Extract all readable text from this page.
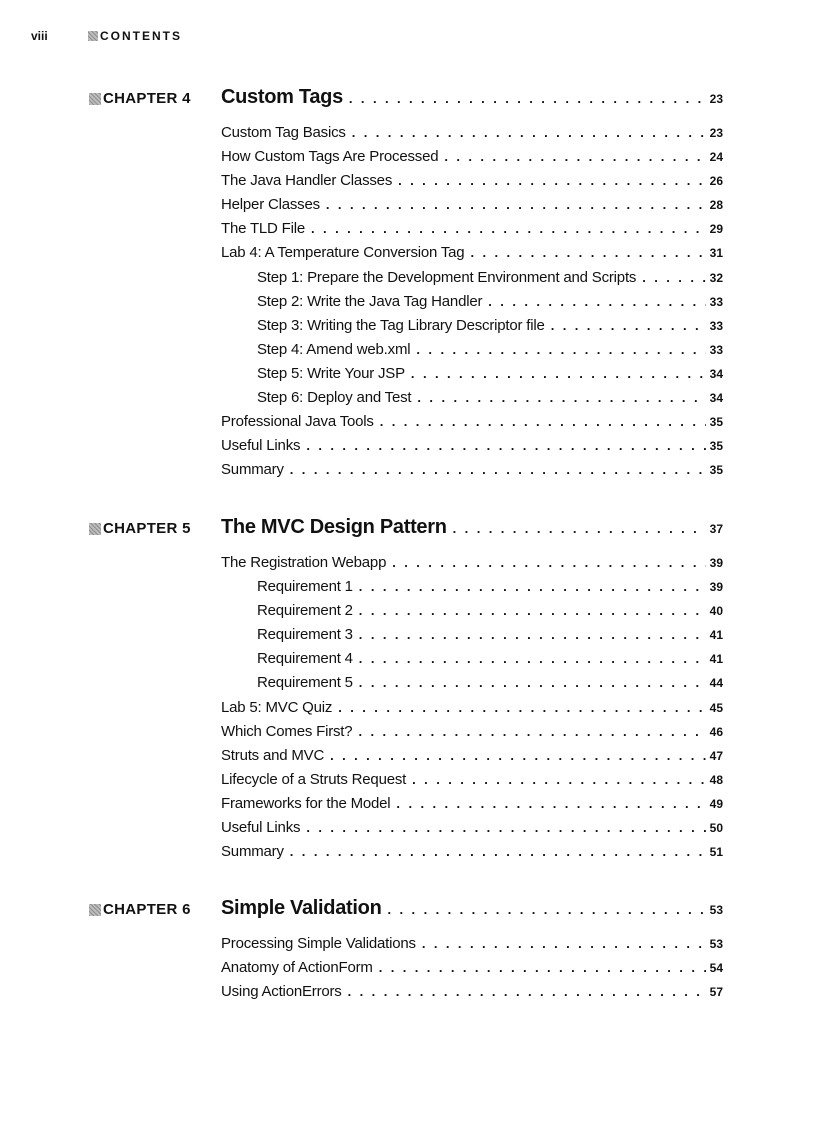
viii	CONTENTS
CHAPTER 4 Custom Tags . . .	23
Custom Tag Basics . . .	23
How Custom Tags Are Processed . . .	24
The Java Handler Classes . . .	26
Helper Classes . . .	28
The TLD File . . .	29
Lab 4: A Temperature Conversion Tag . . .	31
Step 1: Prepare the Development Environment and Scripts . . .	32
Step 2: Write the Java Tag Handler . . .	33
Step 3: Writing the Tag Library Descriptor file . . .	33
Step 4: Amend web.xml . . .	33
Step 5: Write Your JSP . . .	34
Step 6: Deploy and Test . . .	34
Professional Java Tools . . .	35
Useful Links . . .	35
Summary . . .	35
CHAPTER 5 The MVC Design Pattern . . .	37
The Registration Webapp . . .	39
Requirement 1 . . .	39
Requirement 2 . . .	40
Requirement 3 . . .	41
Requirement 4 . . .	41
Requirement 5 . . .	44
Lab 5: MVC Quiz . . .	45
Which Comes First? . . .	46
Struts and MVC . . .	47
Lifecycle of a Struts Request . . .	48
Frameworks for the Model . . .	49
Useful Links . . .	50
Summary . . .	51
CHAPTER 6 Simple Validation . . .	53
Processing Simple Validations . . .	53
Anatomy of ActionForm . . .	54
Using ActionErrors . . .	57
